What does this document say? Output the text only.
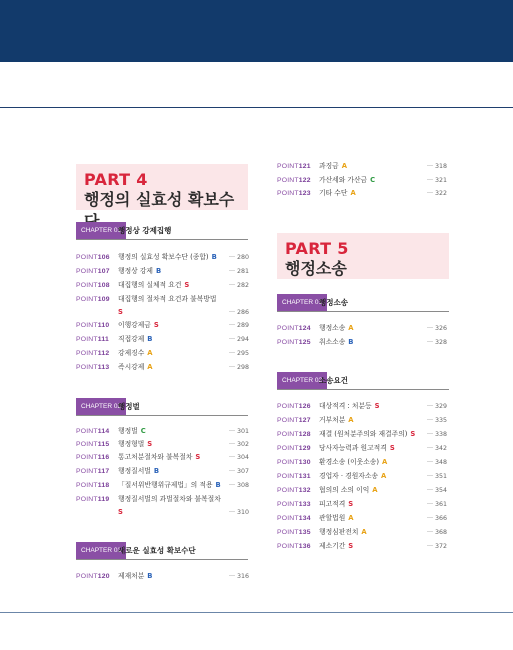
PART 4
행정의 실효성 확보수
CHAPTER 01
행정상 강제집행
POINT106 행정의 실효성 확보수단 (종합) B ··· 280
POINT107 행정상 강제 B	··· 281
POINT108 대집행의 실체적 요건 S	··· 282
POINT109 대집행의 절차적 요건과 불복방법
S	··· 286
POINT110 이행강제금 S	··· 289
POINT111 직접강제 B	··· 294
POINT112 강제징수 A	··· 295
POINT113 즉시강제 A	··· 298
CHAPTER 02
행정벌
POINT114 행정벌 C	··· 301
POINT115 행정형벌 S	··· 302
POINT116 통고처분절차와 불복절차 S	··· 304
POINT117 행정질서벌 B	··· 307
POINT118 「질서위반행위규제법」의 적용 B ··· 308
POINT119 행정질서벌의 과벌절차와 불복절차
S	··· 310
CHAPTER 03
새로운 실효성 확보수단
POINT120 제재처분 B	··· 316
POINT121 과징금 A	··· 318
POINT122 가산세와 가산금 C	··· 321
POINT123 기타 수단 A	··· 322
PART 5
행정소송
CHAPTER 01
행정소송
POINT124 행정소송 A	··· 326
POINT125 취소소송 B	··· 328
CHAPTER 02
소송요건
POINT126 대상적격 : 처분등 S	··· 329
POINT127 거부처분 A	··· 335
POINT128 재결 (원처분주의와 재결주의) S ··· 338
POINT129 당사자능력과 원고적격 S	··· 342
POINT130 환경소송 (이웃소송) A	··· 348
POINT131 경업자 · 경원자소송 A	··· 351
POINT132 협의의 소의 이익 A	··· 354
POINT133 피고적격 S	··· 361
POINT134 관할법원 A	··· 366
POINT135 행정심판전치 A	··· 368
POINT136 제소기간 S	··· 372
